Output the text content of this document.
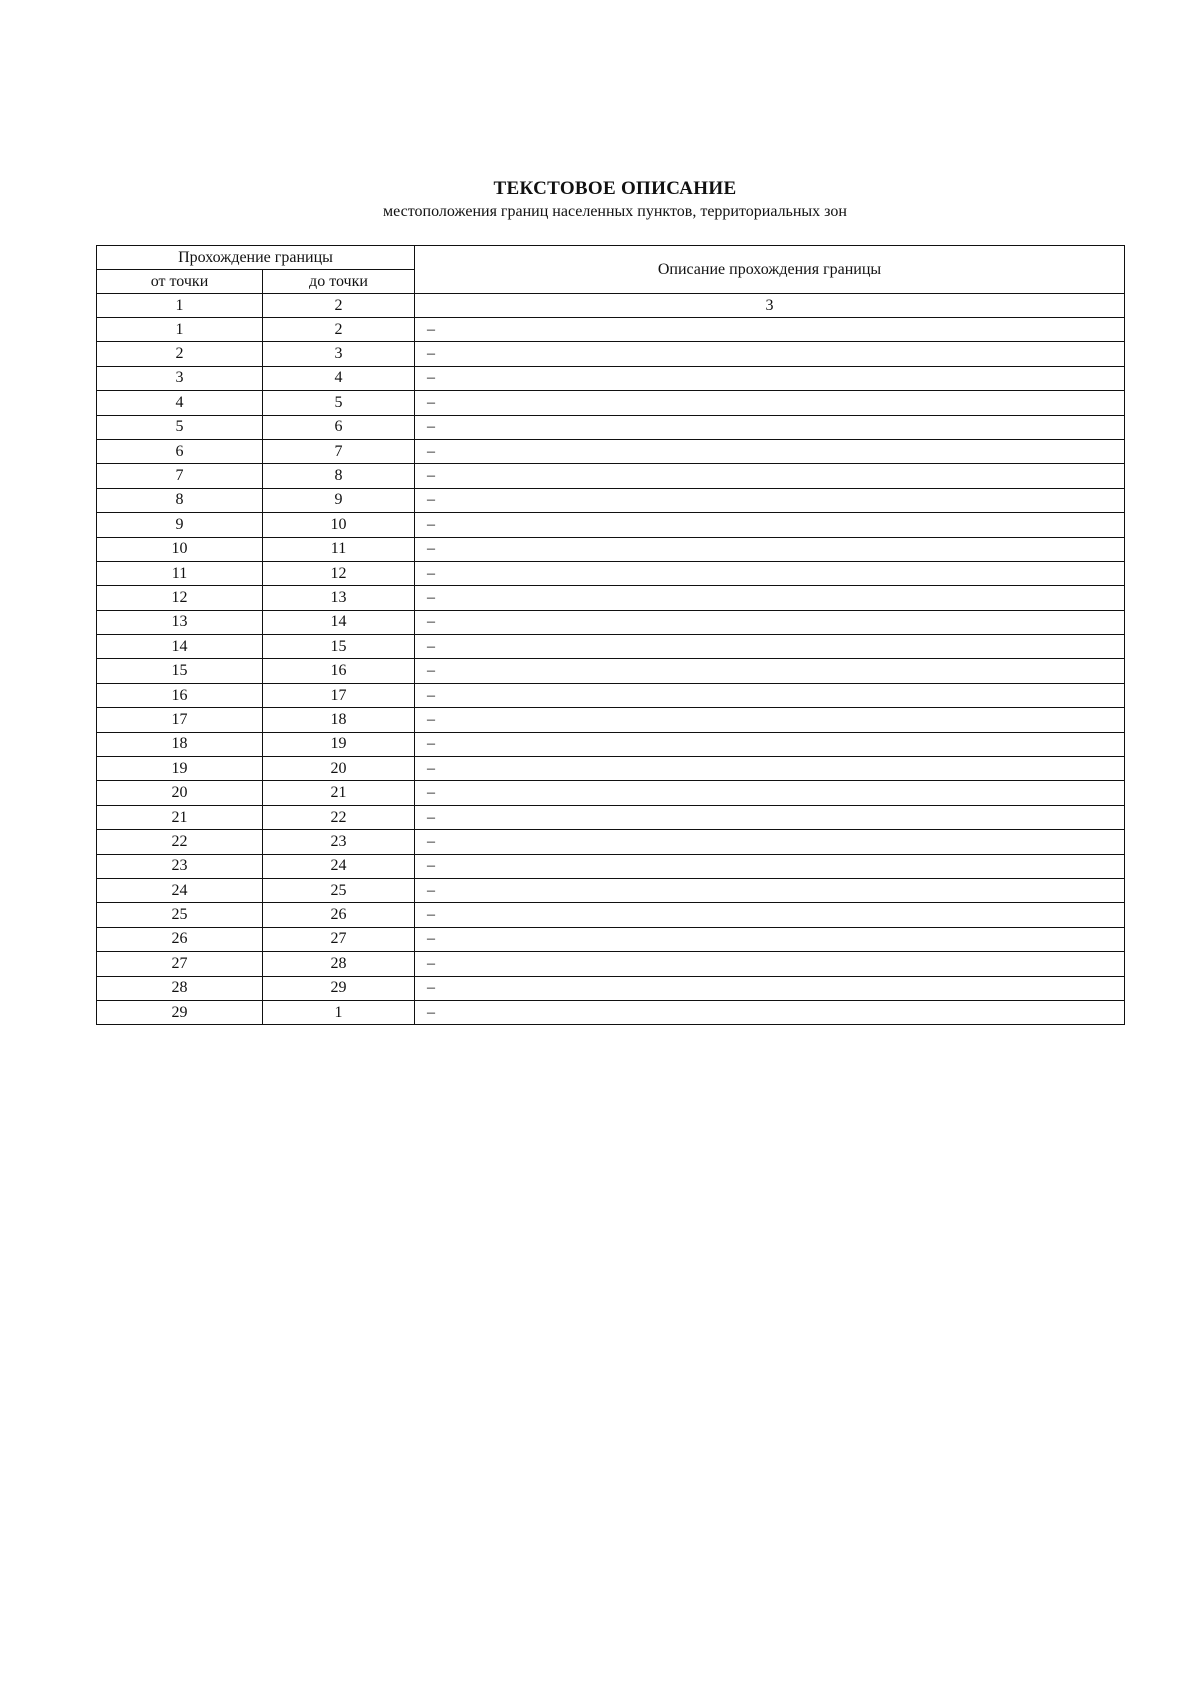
ТЕКСТОВОЕ ОПИСАНИЕ
местоположения границ населенных пунктов, территориальных зон
Прохождение границы		Описание прохождения границы
от точки	до точки	
1	2	3
1	2	–
2	3	–
3	4	–
4	5	–
5	6	–
6	7	–
7	8	–
8	9	–
9	10	–
10	11	–
11	12	–
12	13	–
13	14	–
14	15	–
15	16	–
16	17	–
17	18	–
18	19	–
19	20	–
20	21	–
21	22	–
22	23	–
23	24	–
24	25	–
25	26	–
26	27	–
27	28	–
28	29	–
29	1	–
